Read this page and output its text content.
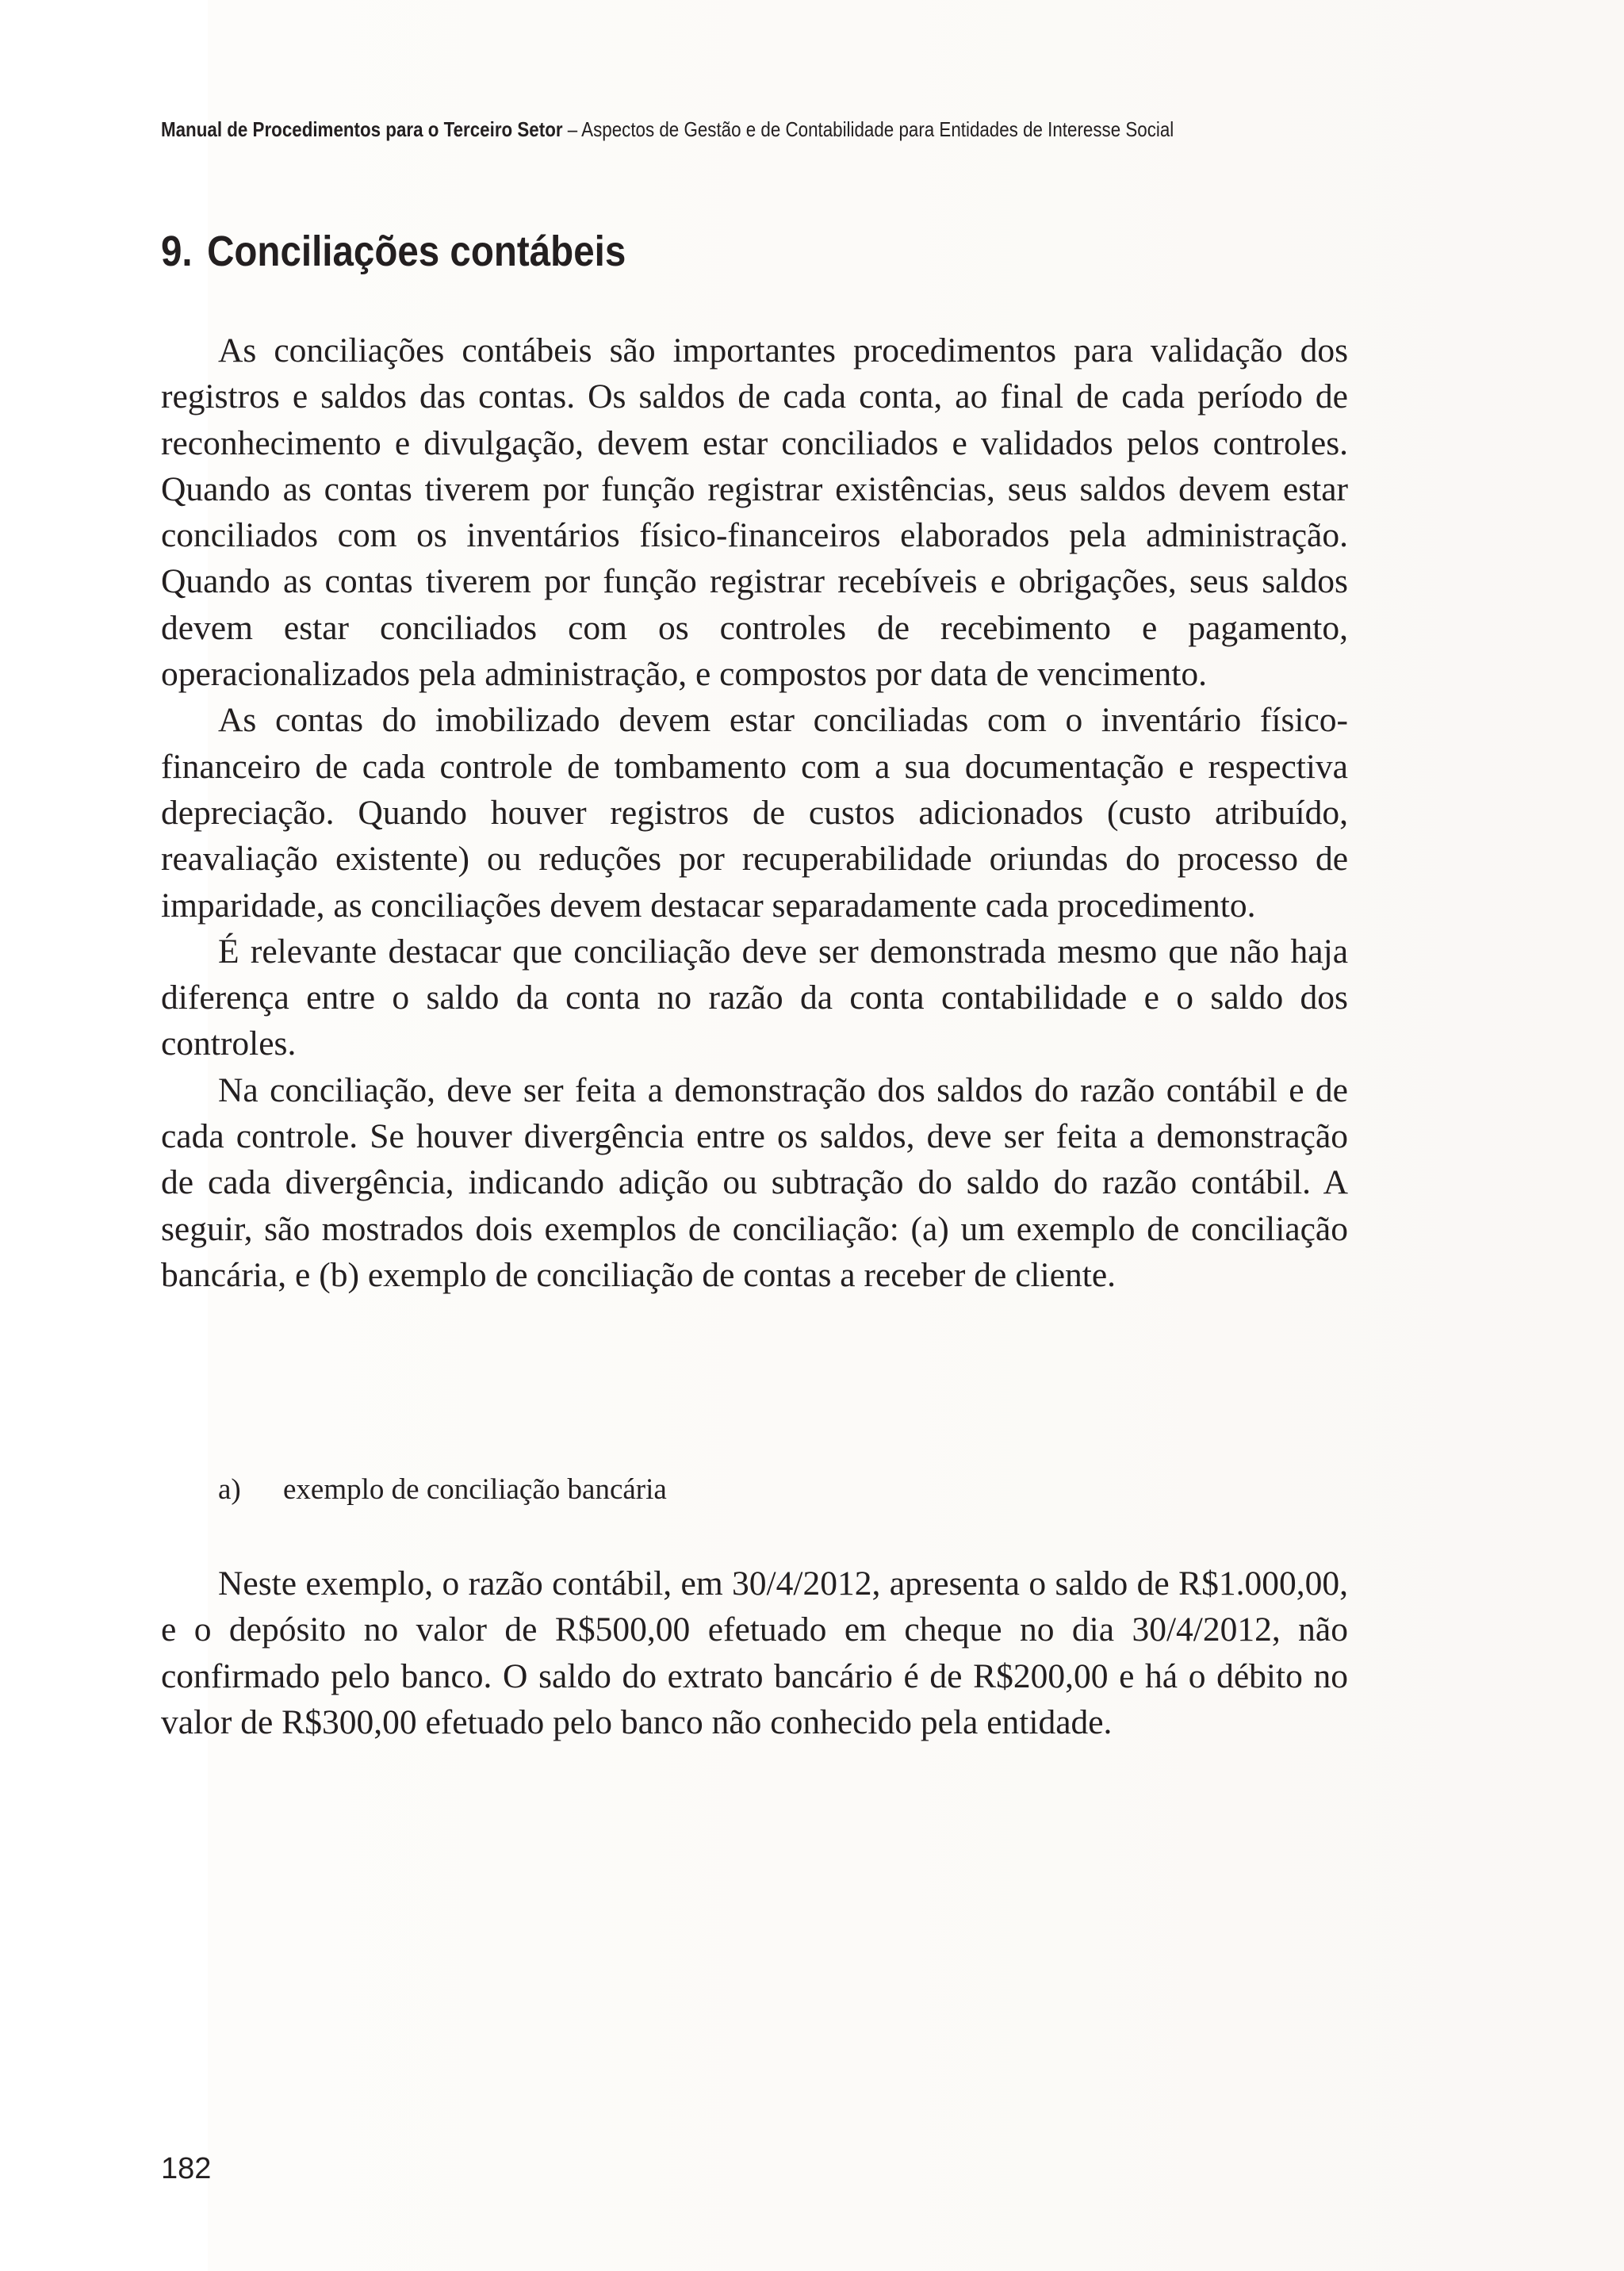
Manual de Procedimentos para o Terceiro Setor – Aspectos de Gestão e de Contabilidade para Entidades de Interesse Social
9. Conciliações contábeis

As conciliações contábeis são importantes procedimentos para validação dos registros e saldos das contas. Os saldos de cada conta, ao final de cada período de reconhecimento e divulgação, devem estar conciliados e validados pelos controles. Quando as contas tiverem por função registrar existências, seus saldos devem estar conciliados com os inventários físico-financeiros elaborados pela administração. Quando as contas tiverem por função registrar recebíveis e obrigações, seus saldos devem estar conciliados com os controles de recebimento e pagamento, operacionalizados pela administração, e compostos por data de vencimento.

As contas do imobilizado devem estar conciliadas com o inventário físico-financeiro de cada controle de tombamento com a sua documentação e respectiva depreciação. Quando houver registros de custos adicionados (custo atribuído, reavaliação existente) ou reduções por recuperabilidade oriundas do processo de imparidade, as conciliações devem destacar separadamente cada procedimento.

É relevante destacar que conciliação deve ser demonstrada mesmo que não haja diferença entre o saldo da conta no razão da conta contabilidade e o saldo dos controles.

Na conciliação, deve ser feita a demonstração dos saldos do razão contábil e de cada controle. Se houver divergência entre os saldos, deve ser feita a demonstração de cada divergência, indicando adição ou subtração do saldo do razão contábil. A seguir, são mostrados dois exemplos de conciliação: (a) um exemplo de conciliação bancária, e (b) exemplo de conciliação de contas a receber de cliente.

a) exemplo de conciliação bancária

Neste exemplo, o razão contábil, em 30/4/2012, apresenta o saldo de R$1.000,00, e o depósito no valor de R$500,00 efetuado em cheque no dia 30/4/2012, não confirmado pelo banco. O saldo do extrato bancário é de R$200,00 e há o débito no valor de R$300,00 efetuado pelo banco não conhecido pela entidade.

182
